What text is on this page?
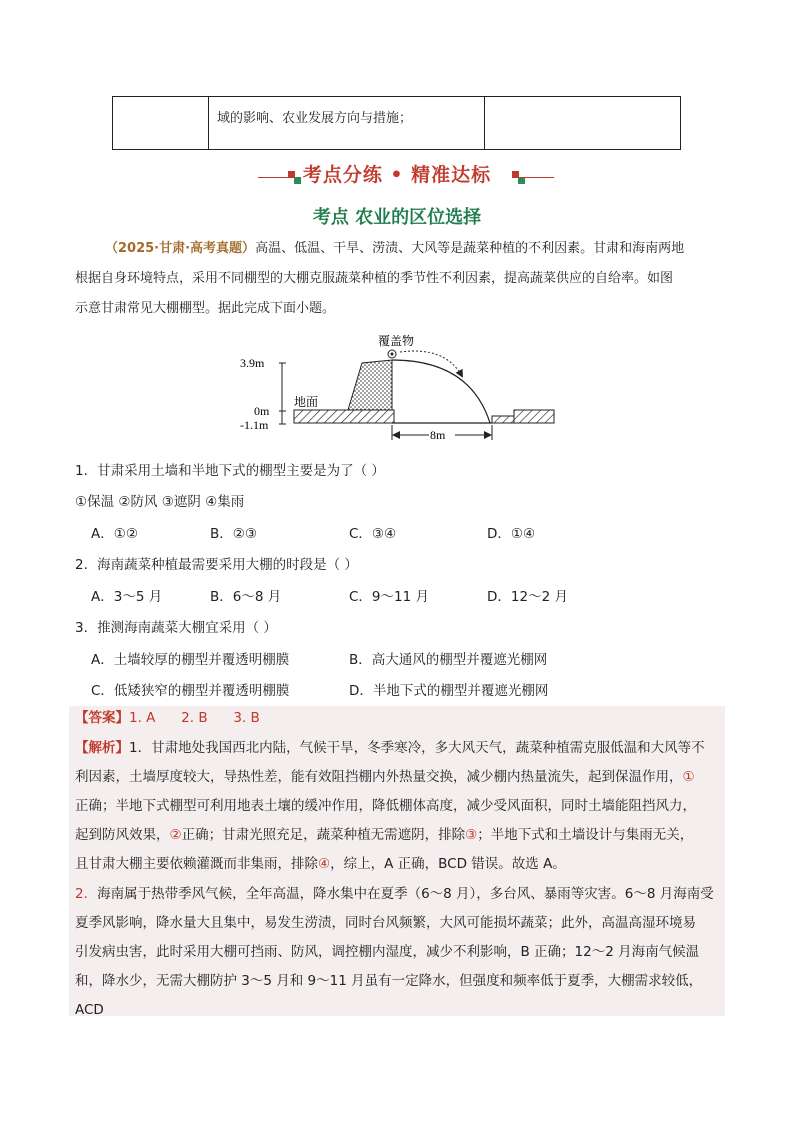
域的影响、农业发展方向与措施；
考点分练 • 精准达标
考点 农业的区位选择
（2025·甘肃·高考真题）高温、低温、干旱、涝渍、大风等是蔬菜种植的不利因素。甘肃和海南两地
根据自身环境特点，采用不同棚型的大棚克服蔬菜种植的季节性不利因素，提高蔬菜供应的自给率。如图
示意甘肃常见大棚棚型。据此完成下面小题。
3.9m
0m
-1.1m
地面
覆盖物
8m
1．甘肃采用土墙和半地下式的棚型主要是为了（ ）
①保温 ②防风 ③遮阴 ④集雨
A．①②	B．②③	C．③④	D．①④
2．海南蔬菜种植最需要采用大棚的时段是（ ）
A．3～5 月	B．6～8 月	C．9～11 月	D．12～2 月
3．推测海南蔬菜大棚宜采用（ ）
A．土墙较厚的棚型并覆透明棚膜	B．高大通风的棚型并覆遮光棚网
C．低矮狭窄的棚型并覆透明棚膜	D．半地下式的棚型并覆遮光棚网
【答案】1. A      2. B      3. B
【解析】1．甘肃地处我国西北内陆，气候干旱，冬季寒冷，多大风天气，蔬菜种植需克服低温和大风等不
利因素，土墙厚度较大，导热性差，能有效阻挡棚内外热量交换，减少棚内热量流失，起到保温作用，①
正确；半地下式棚型可利用地表土壤的缓冲作用，降低棚体高度，减少受风面积，同时土墙能阻挡风力，
起到防风效果，②正确；甘肃光照充足，蔬菜种植无需遮阴，排除③；半地下式和土墙设计与集雨无关，
且甘肃大棚主要依赖灌溉而非集雨，排除④，综上，A 正确，BCD 错误。故选 A。
2．海南属于热带季风气候，全年高温，降水集中在夏季（6～8 月），多台风、暴雨等灾害。6～8 月海南受
夏季风影响，降水量大且集中，易发生涝渍，同时台风频繁，大风可能损坏蔬菜；此外，高温高湿环境易
引发病虫害，此时采用大棚可挡雨、防风，调控棚内湿度，减少不利影响，B 正确；12～2 月海南气候温
和，降水少，无需大棚防护 3～5 月和 9～11 月虽有一定降水，但强度和频率低于夏季，大棚需求较低，ACD
